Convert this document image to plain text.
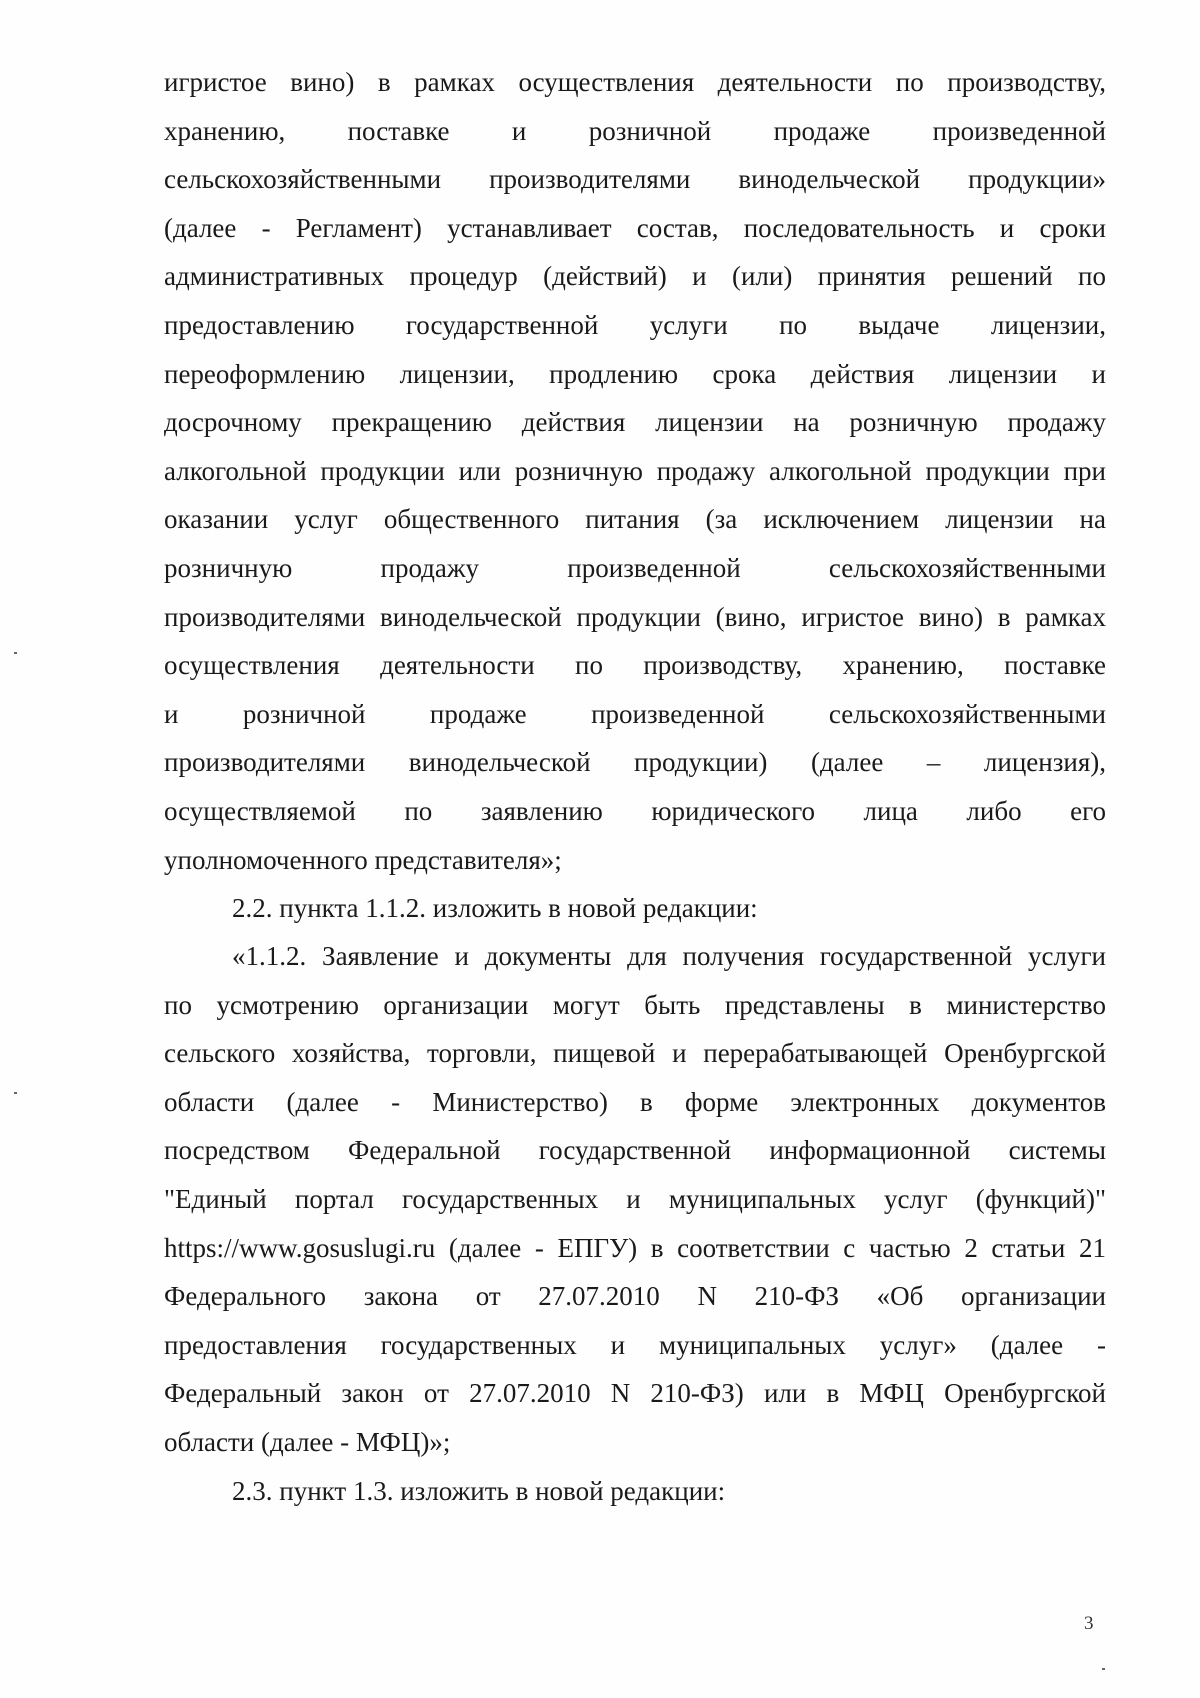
игристое вино) в рамках осуществления деятельности по производству,
хранению, поставке и розничной продаже произведенной
сельскохозяйственными производителями винодельческой продукции»
(далее - Регламент) устанавливает состав, последовательность и сроки
административных процедур (действий) и (или) принятия решений по
предоставлению государственной услуги по выдаче лицензии,
переоформлению лицензии, продлению срока действия лицензии и
досрочному прекращению действия лицензии на розничную продажу
алкогольной продукции или розничную продажу алкогольной продукции при
оказании услуг общественного питания (за исключением лицензии на
розничную продажу произведенной сельскохозяйственными
производителями винодельческой продукции (вино, игристое вино) в рамках
осуществления деятельности по производству, хранению, поставке
и розничной продаже произведенной сельскохозяйственными
производителями винодельческой продукции) (далее – лицензия),
осуществляемой по заявлению юридического лица либо его
уполномоченного представителя»;
2.2. пункта 1.1.2. изложить в новой редакции:
«1.1.2. Заявление и документы для получения государственной услуги
по усмотрению организации могут быть представлены в министерство
сельского хозяйства, торговли, пищевой и перерабатывающей Оренбургской
области (далее - Министерство) в форме электронных документов
посредством Федеральной государственной информационной системы
"Единый портал государственных и муниципальных услуг (функций)"
https://www.gosuslugi.ru (далее - ЕПГУ) в соответствии с частью 2 статьи 21
Федерального закона от 27.07.2010 N 210-ФЗ «Об организации
предоставления государственных и муниципальных услуг» (далее -
Федеральный закон от 27.07.2010 N 210-ФЗ) или в МФЦ Оренбургской
области (далее - МФЦ)»;
2.3. пункт 1.3. изложить в новой редакции:
3
